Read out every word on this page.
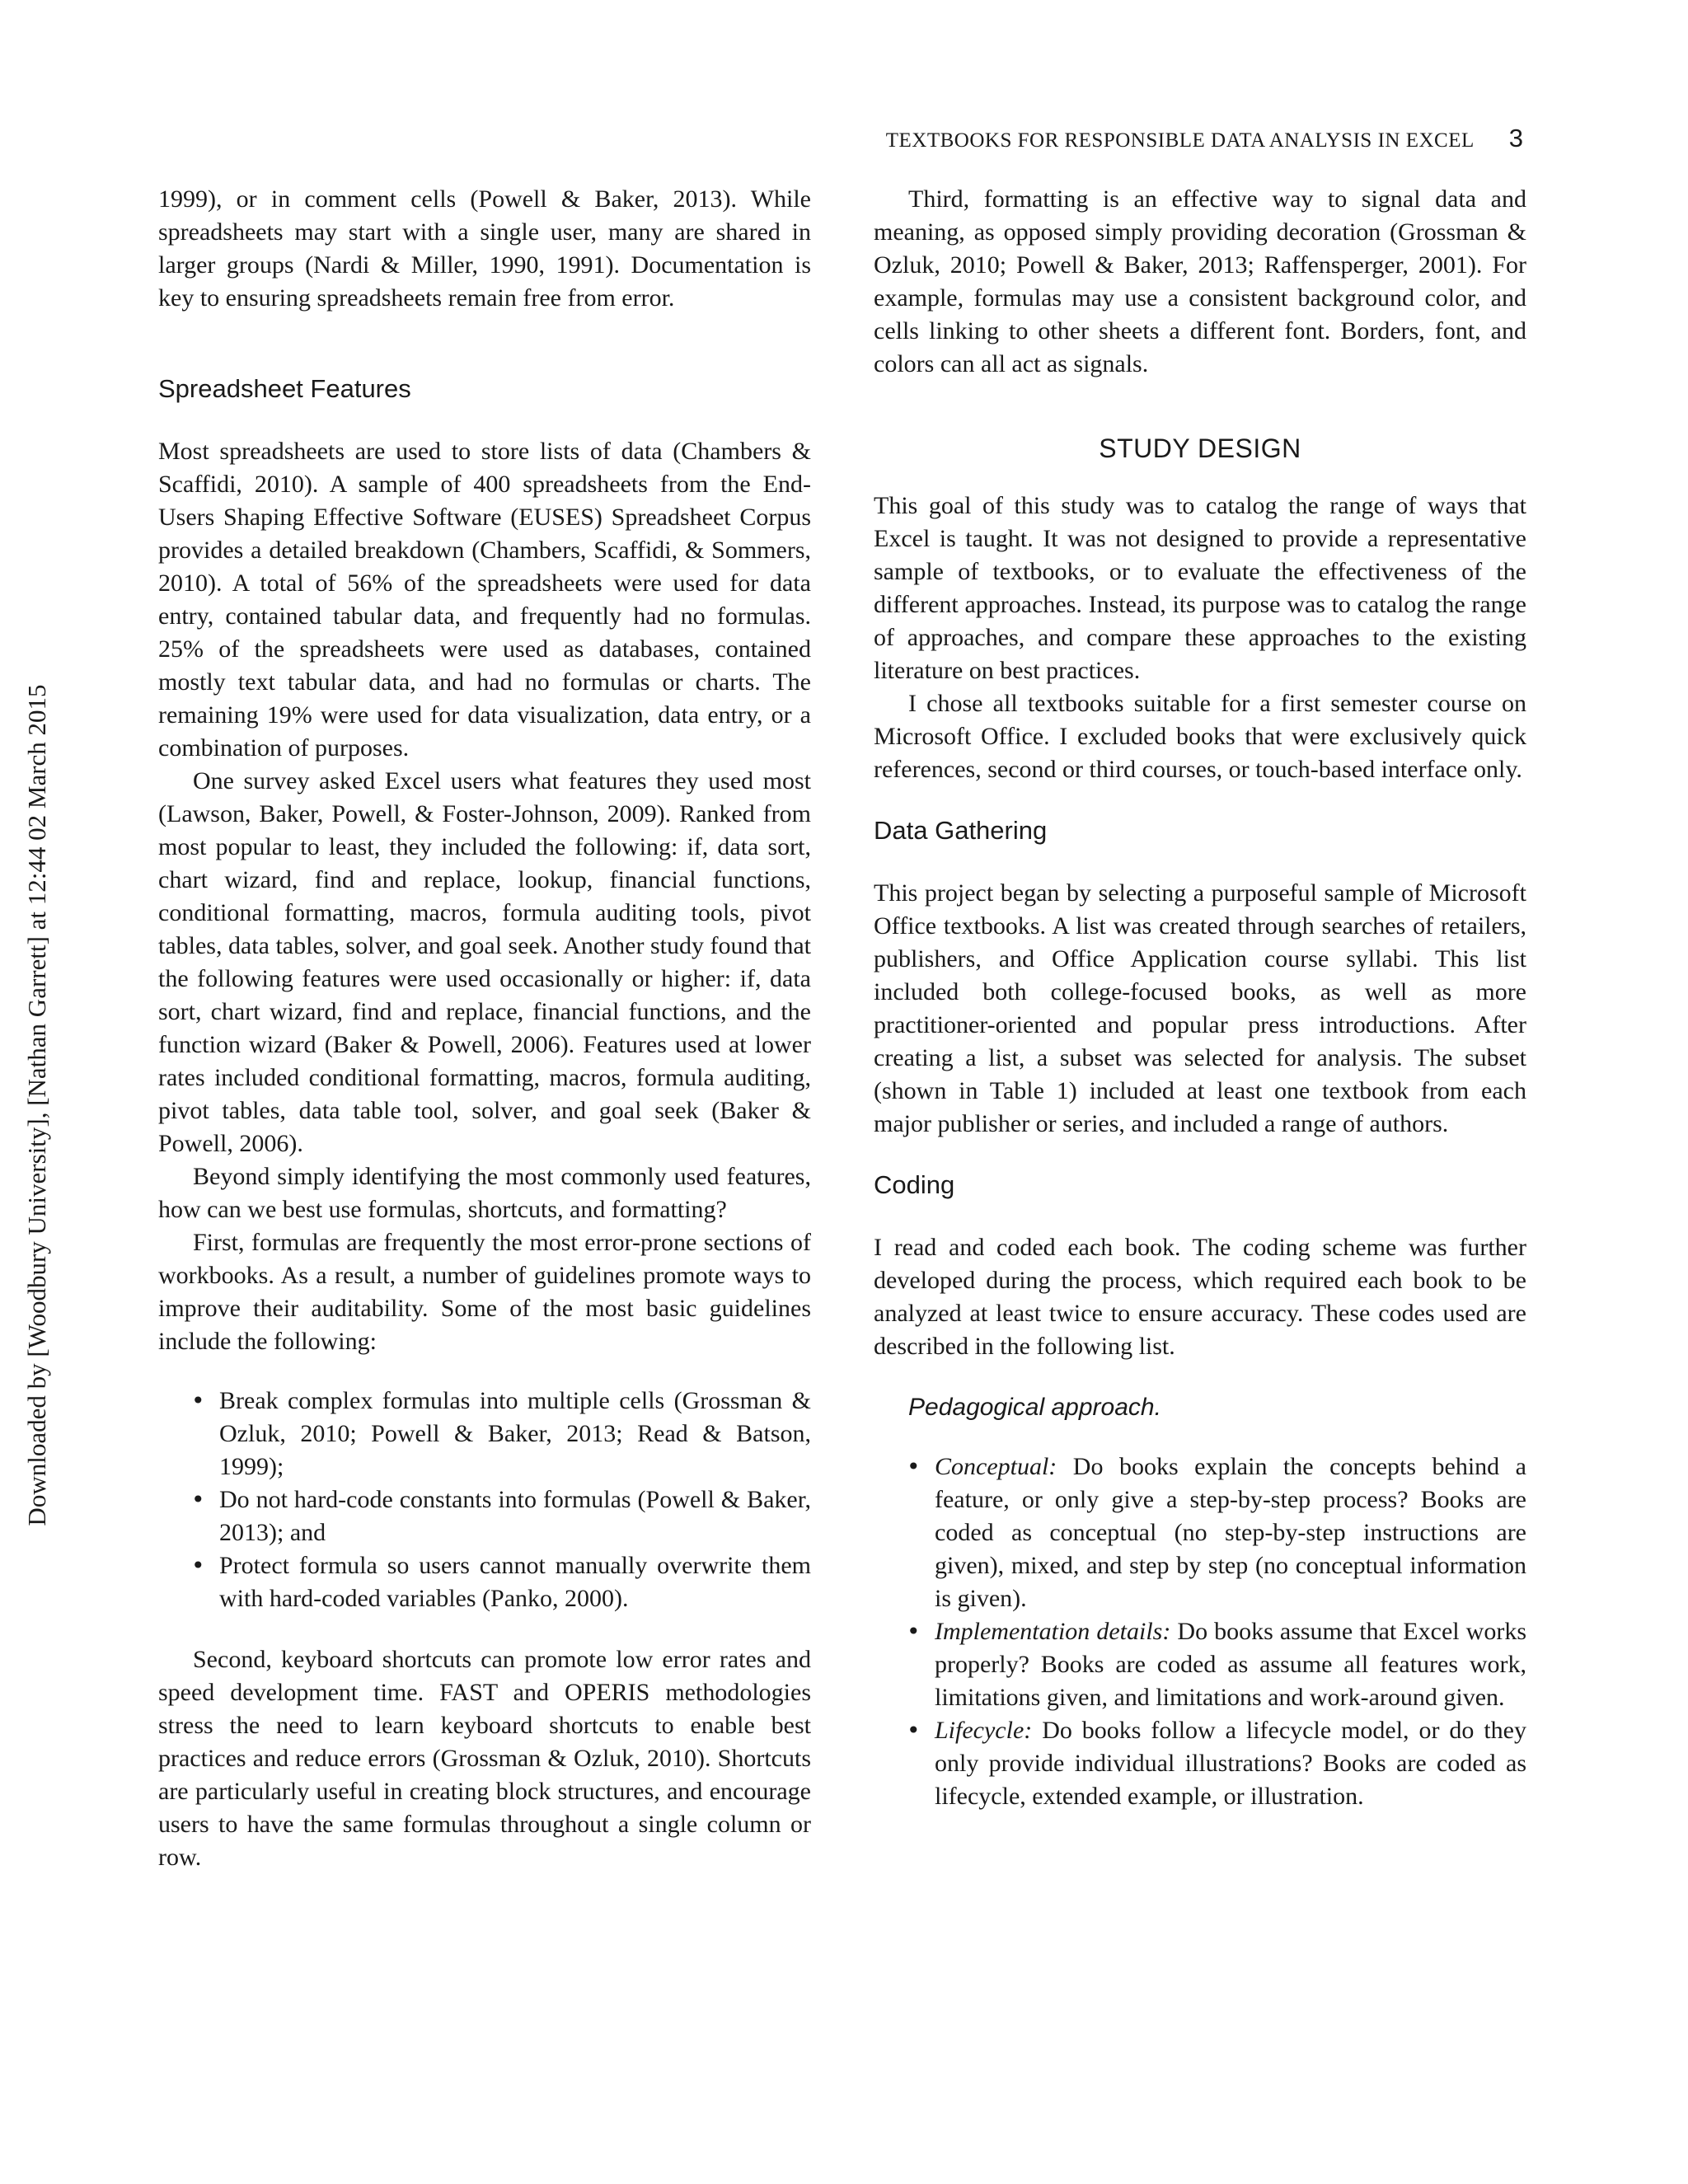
Downloaded by [Woodbury University], [Nathan Garrett] at 12:44 02 March 2015
TEXTBOOKS FOR RESPONSIBLE DATA ANALYSIS IN EXCEL 3

1999), or in comment cells (Powell & Baker, 2013). While spreadsheets may start with a single user, many are shared in larger groups (Nardi & Miller, 1990, 1991). Documentation is key to ensuring spreadsheets remain free from error.

Spreadsheet Features

Most spreadsheets are used to store lists of data (Chambers & Scaffidi, 2010). A sample of 400 spreadsheets from the End-Users Shaping Effective Software (EUSES) Spreadsheet Corpus provides a detailed breakdown (Chambers, Scaffidi, & Sommers, 2010). A total of 56% of the spreadsheets were used for data entry, contained tabular data, and frequently had no formulas. 25% of the spreadsheets were used as databases, contained mostly text tabular data, and had no formulas or charts. The remaining 19% were used for data visualization, data entry, or a combination of purposes.

One survey asked Excel users what features they used most (Lawson, Baker, Powell, & Foster-Johnson, 2009). Ranked from most popular to least, they included the following: if, data sort, chart wizard, find and replace, lookup, financial functions, conditional formatting, macros, formula auditing tools, pivot tables, data tables, solver, and goal seek. Another study found that the following features were used occasionally or higher: if, data sort, chart wizard, find and replace, financial functions, and the function wizard (Baker & Powell, 2006). Features used at lower rates included conditional formatting, macros, formula auditing, pivot tables, data table tool, solver, and goal seek (Baker & Powell, 2006).

Beyond simply identifying the most commonly used features, how can we best use formulas, shortcuts, and formatting?

First, formulas are frequently the most error-prone sections of workbooks. As a result, a number of guidelines promote ways to improve their auditability. Some of the most basic guidelines include the following:

• Break complex formulas into multiple cells (Grossman & Ozluk, 2010; Powell & Baker, 2013; Read & Batson, 1999);
• Do not hard-code constants into formulas (Powell & Baker, 2013); and
• Protect formula so users cannot manually overwrite them with hard-coded variables (Panko, 2000).

Second, keyboard shortcuts can promote low error rates and speed development time. FAST and OPERIS methodologies stress the need to learn keyboard shortcuts to enable best practices and reduce errors (Grossman & Ozluk, 2010). Shortcuts are particularly useful in creating block structures, and encourage users to have the same formulas throughout a single column or row.

Third, formatting is an effective way to signal data and meaning, as opposed simply providing decoration (Grossman & Ozluk, 2010; Powell & Baker, 2013; Raffensperger, 2001). For example, formulas may use a consistent background color, and cells linking to other sheets a different font. Borders, font, and colors can all act as signals.

STUDY DESIGN

This goal of this study was to catalog the range of ways that Excel is taught. It was not designed to provide a representative sample of textbooks, or to evaluate the effectiveness of the different approaches. Instead, its purpose was to catalog the range of approaches, and compare these approaches to the existing literature on best practices.

I chose all textbooks suitable for a first semester course on Microsoft Office. I excluded books that were exclusively quick references, second or third courses, or touch-based interface only.

Data Gathering

This project began by selecting a purposeful sample of Microsoft Office textbooks. A list was created through searches of retailers, publishers, and Office Application course syllabi. This list included both college-focused books, as well as more practitioner-oriented and popular press introductions. After creating a list, a subset was selected for analysis. The subset (shown in Table 1) included at least one textbook from each major publisher or series, and included a range of authors.

Coding

I read and coded each book. The coding scheme was further developed during the process, which required each book to be analyzed at least twice to ensure accuracy. These codes used are described in the following list.

Pedagogical approach.
• Conceptual: Do books explain the concepts behind a feature, or only give a step-by-step process? Books are coded as conceptual (no step-by-step instructions are given), mixed, and step by step (no conceptual information is given).
• Implementation details: Do books assume that Excel works properly? Books are coded as assume all features work, limitations given, and limitations and work-around given.
• Lifecycle: Do books follow a lifecycle model, or do they only provide individual illustrations? Books are coded as lifecycle, extended example, or illustration.
